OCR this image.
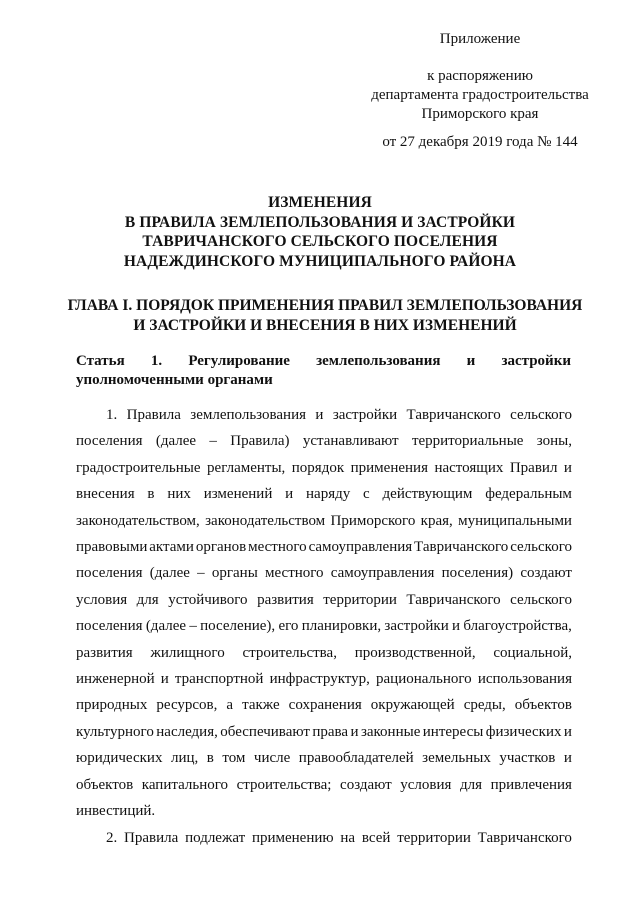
Приложение
к распоряжению
департамента градостроительства
Приморского края
от 27 декабря 2019 года № 144
ИЗМЕНЕНИЯ
В ПРАВИЛА ЗЕМЛЕПОЛЬЗОВАНИЯ И ЗАСТРОЙКИ
ТАВРИЧАНСКОГО СЕЛЬСКОГО ПОСЕЛЕНИЯ
НАДЕЖДИНСКОГО МУНИЦИПАЛЬНОГО РАЙОНА
ГЛАВА I. ПОРЯДОК ПРИМЕНЕНИЯ ПРАВИЛ ЗЕМЛЕПОЛЬЗОВАНИЯ
И ЗАСТРОЙКИ И ВНЕСЕНИЯ В НИХ ИЗМЕНЕНИЙ
Статья 1. Регулирование землепользования и застройки
уполномоченными органами
1. Правила землепользования и застройки Тавричанского сельского
поселения (далее – Правила) устанавливают территориальные зоны,
градостроительные регламенты, порядок применения настоящих Правил и
внесения в них изменений и наряду с действующим федеральным
законодательством, законодательством Приморского края, муниципальными
правовыми актами органов местного самоуправления Тавричанского сельского
поселения (далее – органы местного самоуправления поселения) создают
условия для устойчивого развития территории Тавричанского сельского
поселения (далее – поселение), его планировки, застройки и благоустройства,
развития жилищного строительства, производственной, социальной,
инженерной и транспортной инфраструктур, рационального использования
природных ресурсов, а также сохранения окружающей среды, объектов
культурного наследия, обеспечивают права и законные интересы физических и
юридических лиц, в том числе правообладателей земельных участков и
объектов капитального строительства; создают условия для привлечения
инвестиций.
2. Правила подлежат применению на всей территории Тавричанского
